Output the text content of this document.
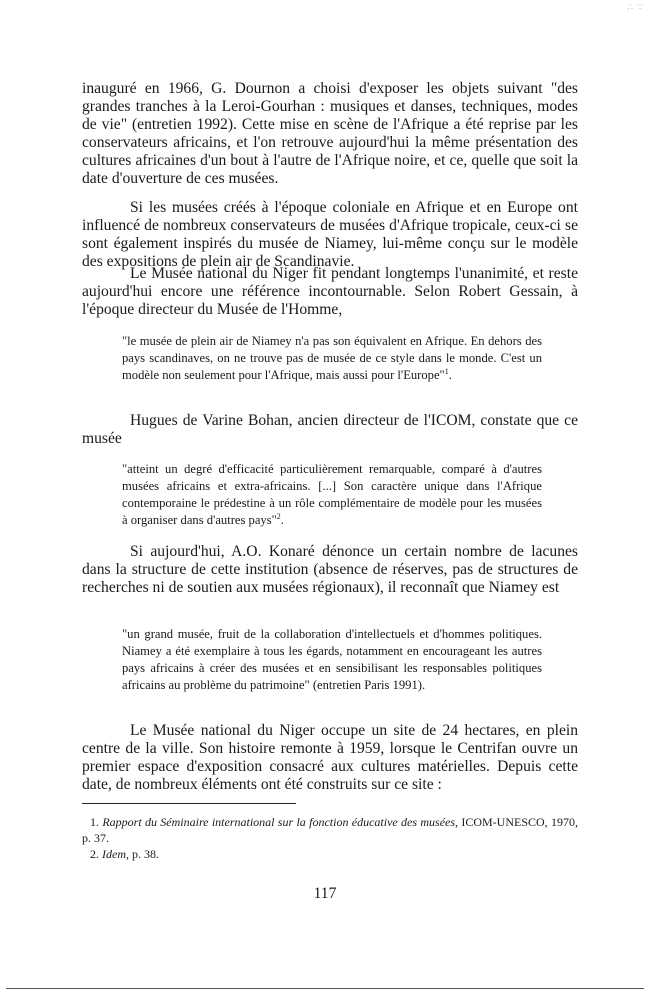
∴ ∵

inauguré en 1966, G. Dournon a choisi d'exposer les objets suivant "des grandes tranches à la Leroi-Gourhan : musiques et danses, techniques, modes de vie" (entretien 1992). Cette mise en scène de l'Afrique a été reprise par les conservateurs africains, et l'on retrouve aujourd'hui la même présentation des cultures africaines d'un bout à l'autre de l'Afrique noire, et ce, quelle que soit la date d'ouverture de ces musées.

Si les musées créés à l'époque coloniale en Afrique et en Europe ont influencé de nombreux conservateurs de musées d'Afrique tropicale, ceux-ci se sont également inspirés du musée de Niamey, lui-même conçu sur le modèle des expositions de plein air de Scandinavie.

Le Musée national du Niger fit pendant longtemps l'unanimité, et reste aujourd'hui encore une référence incontournable. Selon Robert Gessain, à l'époque directeur du Musée de l'Homme,

"le musée de plein air de Niamey n'a pas son équivalent en Afrique. En dehors des pays scandinaves, on ne trouve pas de musée de ce style dans le monde. C'est un modèle non seulement pour l'Afrique, mais aussi pour l'Europe"$^1$.

Hugues de Varine Bohan, ancien directeur de l'ICOM, constate que ce musée

"atteint un degré d'efficacité particulièrement remarquable, comparé à d'autres musées africains et extra-africains. [...] Son caractère unique dans l'Afrique contemporaine le prédestine à un rôle complémentaire de modèle pour les musées à organiser dans d'autres pays"$^2$.

Si aujourd'hui, A.O. Konaré dénonce un certain nombre de lacunes dans la structure de cette institution (absence de réserves, pas de structures de recherches ni de soutien aux musées régionaux), il reconnaît que Niamey est

"un grand musée, fruit de la collaboration d'intellectuels et d'hommes politiques. Niamey a été exemplaire à tous les égards, notamment en encourageant les autres pays africains à créer des musées et en sensibilisant les responsables politiques africains au problème du patrimoine" (entretien Paris 1991).

Le Musée national du Niger occupe un site de 24 hectares, en plein centre de la ville. Son histoire remonte à 1959, lorsque le Centrifan ouvre un premier espace d'exposition consacré aux cultures matérielles. Depuis cette date, de nombreux éléments ont été construits sur ce site :

1. Rapport du Séminaire international sur la fonction éducative des musées, ICOM-UNESCO, 1970, p. 37.

2. Idem, p. 38.

117
